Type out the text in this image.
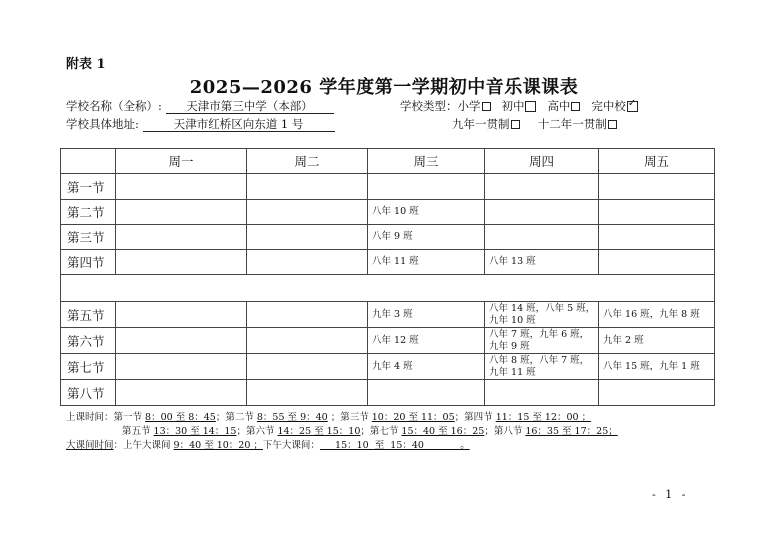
附表 1
2025—2026 学年度第一学期初中音乐课课表
学校名称（全称）: 天津市第三中学（本部）	学校类型：小学 初中 高中 完中校✓
学校具体地址:	天津市红桥区向东道 1 号	九年一贯制 十二年一贯制
	周一	周二	周三	周四	周五
第一节					
第二节			八年 10 班		
第三节			八年 9 班		
第四节			八年 11 班	八年 13 班	

第五节			九年 3 班	八年 14 班，八年 5 班，九年 10 班	八年 16 班，九年 8 班
第六节			八年 12 班	八年 7 班，九年 6 班，九年 9 班	九年 2 班
第七节			九年 4 班	八年 8 班，八年 7 班，九年 11 班	八年 15 班，九年 1 班
第八节					
上课时间：第一节 8：00 至 8：45；第二节 8：55 至 9：40 ；第三节 10：20 至 11：05；第四节 11：15 至 12：00 ；
第五节 13：30 至 14：15；第六节 14：25 至 15：10；第七节 15：40 至 16：25；第八节 16：35 至 17：25；
大课间时间：上午大课间 9：40 至 10：20 ；下午大课间：     15：10  至  15：40            。
- 1 -
